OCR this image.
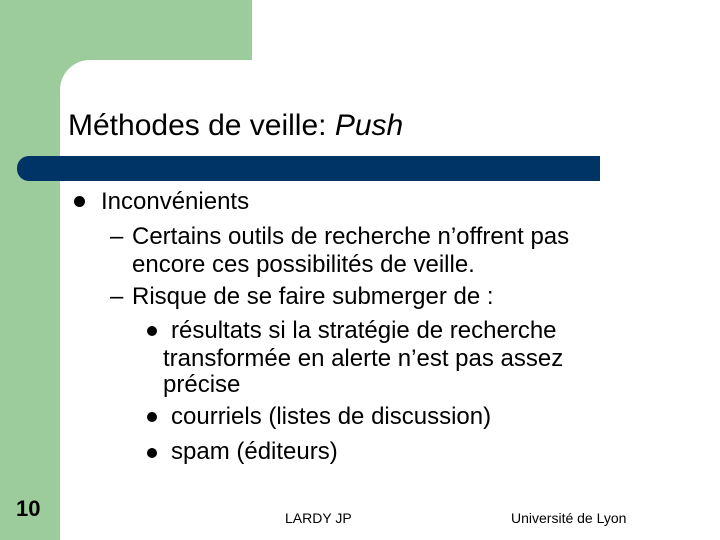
Méthodes de veille: Push
Inconvénients
– Certains outils de recherche n’offrent pas
encore ces possibilités de veille.
– Risque de se faire submerger de :
résultats si la stratégie de recherche
transformée en alerte n’est pas assez
précise
courriels (listes de discussion)
spam (éditeurs)
10	LARDY JP	Université de Lyon
